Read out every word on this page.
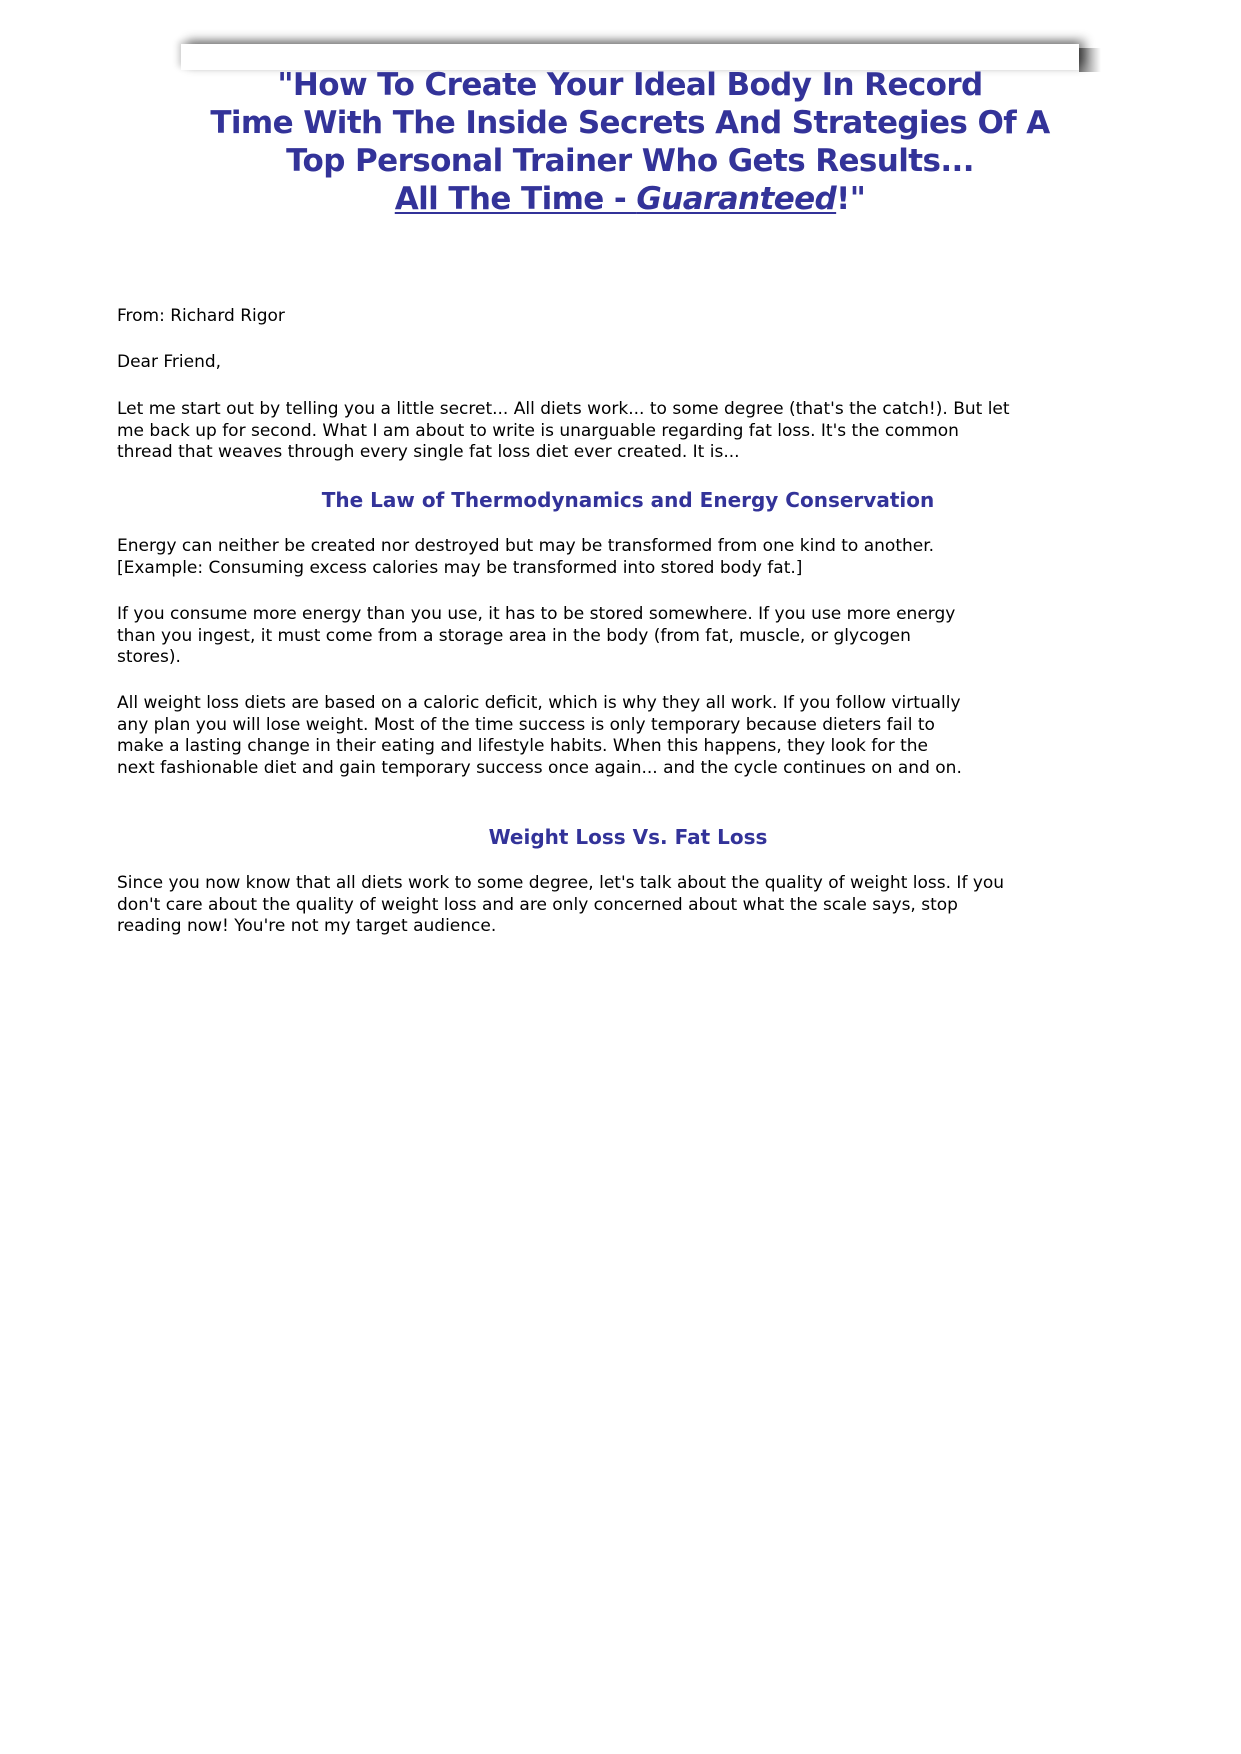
"How To Create Your Ideal Body In Record
Time With The Inside Secrets And Strategies Of A
Top Personal Trainer Who Gets Results...
All The Time - Guaranteed!"

From: Richard Rigor

Dear Friend,

Let me start out by telling you a little secret... All diets work... to some degree (that's the catch!). But let me back up for second. What I am about to write is unarguable regarding fat loss. It's the common thread that weaves through every single fat loss diet ever created. It is...

The Law of Thermodynamics and Energy Conservation

Energy can neither be created nor destroyed but may be transformed from one kind to another. [Example: Consuming excess calories may be transformed into stored body fat.]

If you consume more energy than you use, it has to be stored somewhere. If you use more energy than you ingest, it must come from a storage area in the body (from fat, muscle, or glycogen stores).

All weight loss diets are based on a caloric deficit, which is why they all work. If you follow virtually any plan you will lose weight. Most of the time success is only temporary because dieters fail to make a lasting change in their eating and lifestyle habits. When this happens, they look for the next fashionable diet and gain temporary success once again... and the cycle continues on and on.

Weight Loss Vs. Fat Loss

Since you now know that all diets work to some degree, let's talk about the quality of weight loss. If you don't care about the quality of weight loss and are only concerned about what the scale says, stop reading now! You're not my target audience.
